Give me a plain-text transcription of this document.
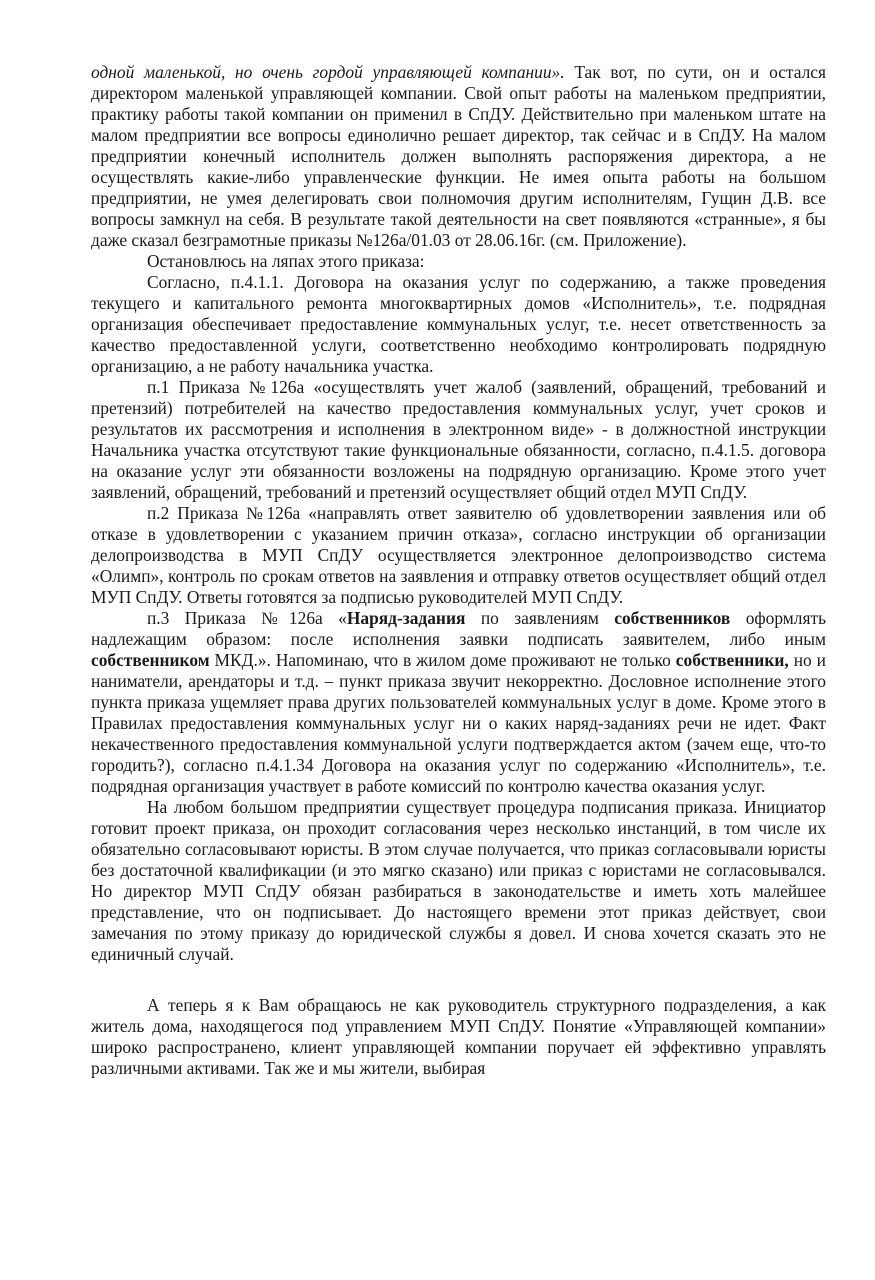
одной маленькой, но очень гордой управляющей компании». Так вот, по сути, он и остался директором маленькой управляющей компании. Свой опыт работы на маленьком предприятии, практику работы такой компании он применил в СпДУ. Действительно при маленьком штате на малом предприятии все вопросы единолично решает директор, так сейчас и в СпДУ. На малом предприятии конечный исполнитель должен выполнять распоряжения директора, а не осуществлять какие-либо управленческие функции. Не имея опыта работы на большом предприятии, не умея делегировать свои полномочия другим исполнителям, Гущин Д.В. все вопросы замкнул на себя. В результате такой деятельности на свет появляются «странные», я бы даже сказал безграмотные приказы №126а/01.03 от 28.06.16г. (см. Приложение).

Остановлюсь на ляпах этого приказа:

Согласно, п.4.1.1. Договора на оказания услуг по содержанию, а также проведения текущего и капитального ремонта многоквартирных домов «Исполнитель», т.е. подрядная организация обеспечивает предоставление коммунальных услуг, т.е. несет ответственность за качество предоставленной услуги, соответственно необходимо контролировать подрядную организацию, а не работу начальника участка.

п.1 Приказа №126а «осуществлять учет жалоб (заявлений, обращений, требований и претензий) потребителей на качество предоставления коммунальных услуг, учет сроков и результатов их рассмотрения и исполнения в электронном виде» - в должностной инструкции Начальника участка отсутствуют такие функциональные обязанности, согласно, п.4.1.5. договора на оказание услуг эти обязанности возложены на подрядную организацию. Кроме этого учет заявлений, обращений, требований и претензий осуществляет общий отдел МУП СпДУ.

п.2 Приказа №126а «направлять ответ заявителю об удовлетворении заявления или об отказе в удовлетворении с указанием причин отказа», согласно инструкции об организации делопроизводства в МУП СпДУ осуществляется электронное делопроизводство система «Олимп», контроль по срокам ответов на заявления и отправку ответов осуществляет общий отдел МУП СпДУ. Ответы готовятся за подписью руководителей МУП СпДУ.

п.3 Приказа №126а «Наряд-задания по заявлениям собственников оформлять надлежащим образом: после исполнения заявки подписать заявителем, либо иным собственником МКД.». Напоминаю, что в жилом доме проживают не только собственники, но и наниматели, арендаторы и т.д. – пункт приказа звучит некорректно. Дословное исполнение этого пункта приказа ущемляет права других пользователей коммунальных услуг в доме. Кроме этого в Правилах предоставления коммунальных услуг ни о каких наряд-заданиях речи не идет. Факт некачественного предоставления коммунальной услуги подтверждается актом (зачем еще, что-то городить?), согласно п.4.1.34 Договора на оказания услуг по содержанию «Исполнитель», т.е. подрядная организация участвует в работе комиссий по контролю качества оказания услуг.

На любом большом предприятии существует процедура подписания приказа. Инициатор готовит проект приказа, он проходит согласования через несколько инстанций, в том числе их обязательно согласовывают юристы. В этом случае получается, что приказ согласовывали юристы без достаточной квалификации (и это мягко сказано) или приказ с юристами не согласовывался. Но директор МУП СпДУ обязан разбираться в законодательстве и иметь хоть малейшее представление, что он подписывает. До настоящего времени этот приказ действует, свои замечания по этому приказу до юридической службы я довел. И снова хочется сказать это не единичный случай.

А теперь я к Вам обращаюсь не как руководитель структурного подразделения, а как житель дома, находящегося под управлением МУП СпДУ. Понятие «Управляющей компании» широко распространено, клиент управляющей компании поручает ей эффективно управлять различными активами. Так же и мы жители, выбирая
